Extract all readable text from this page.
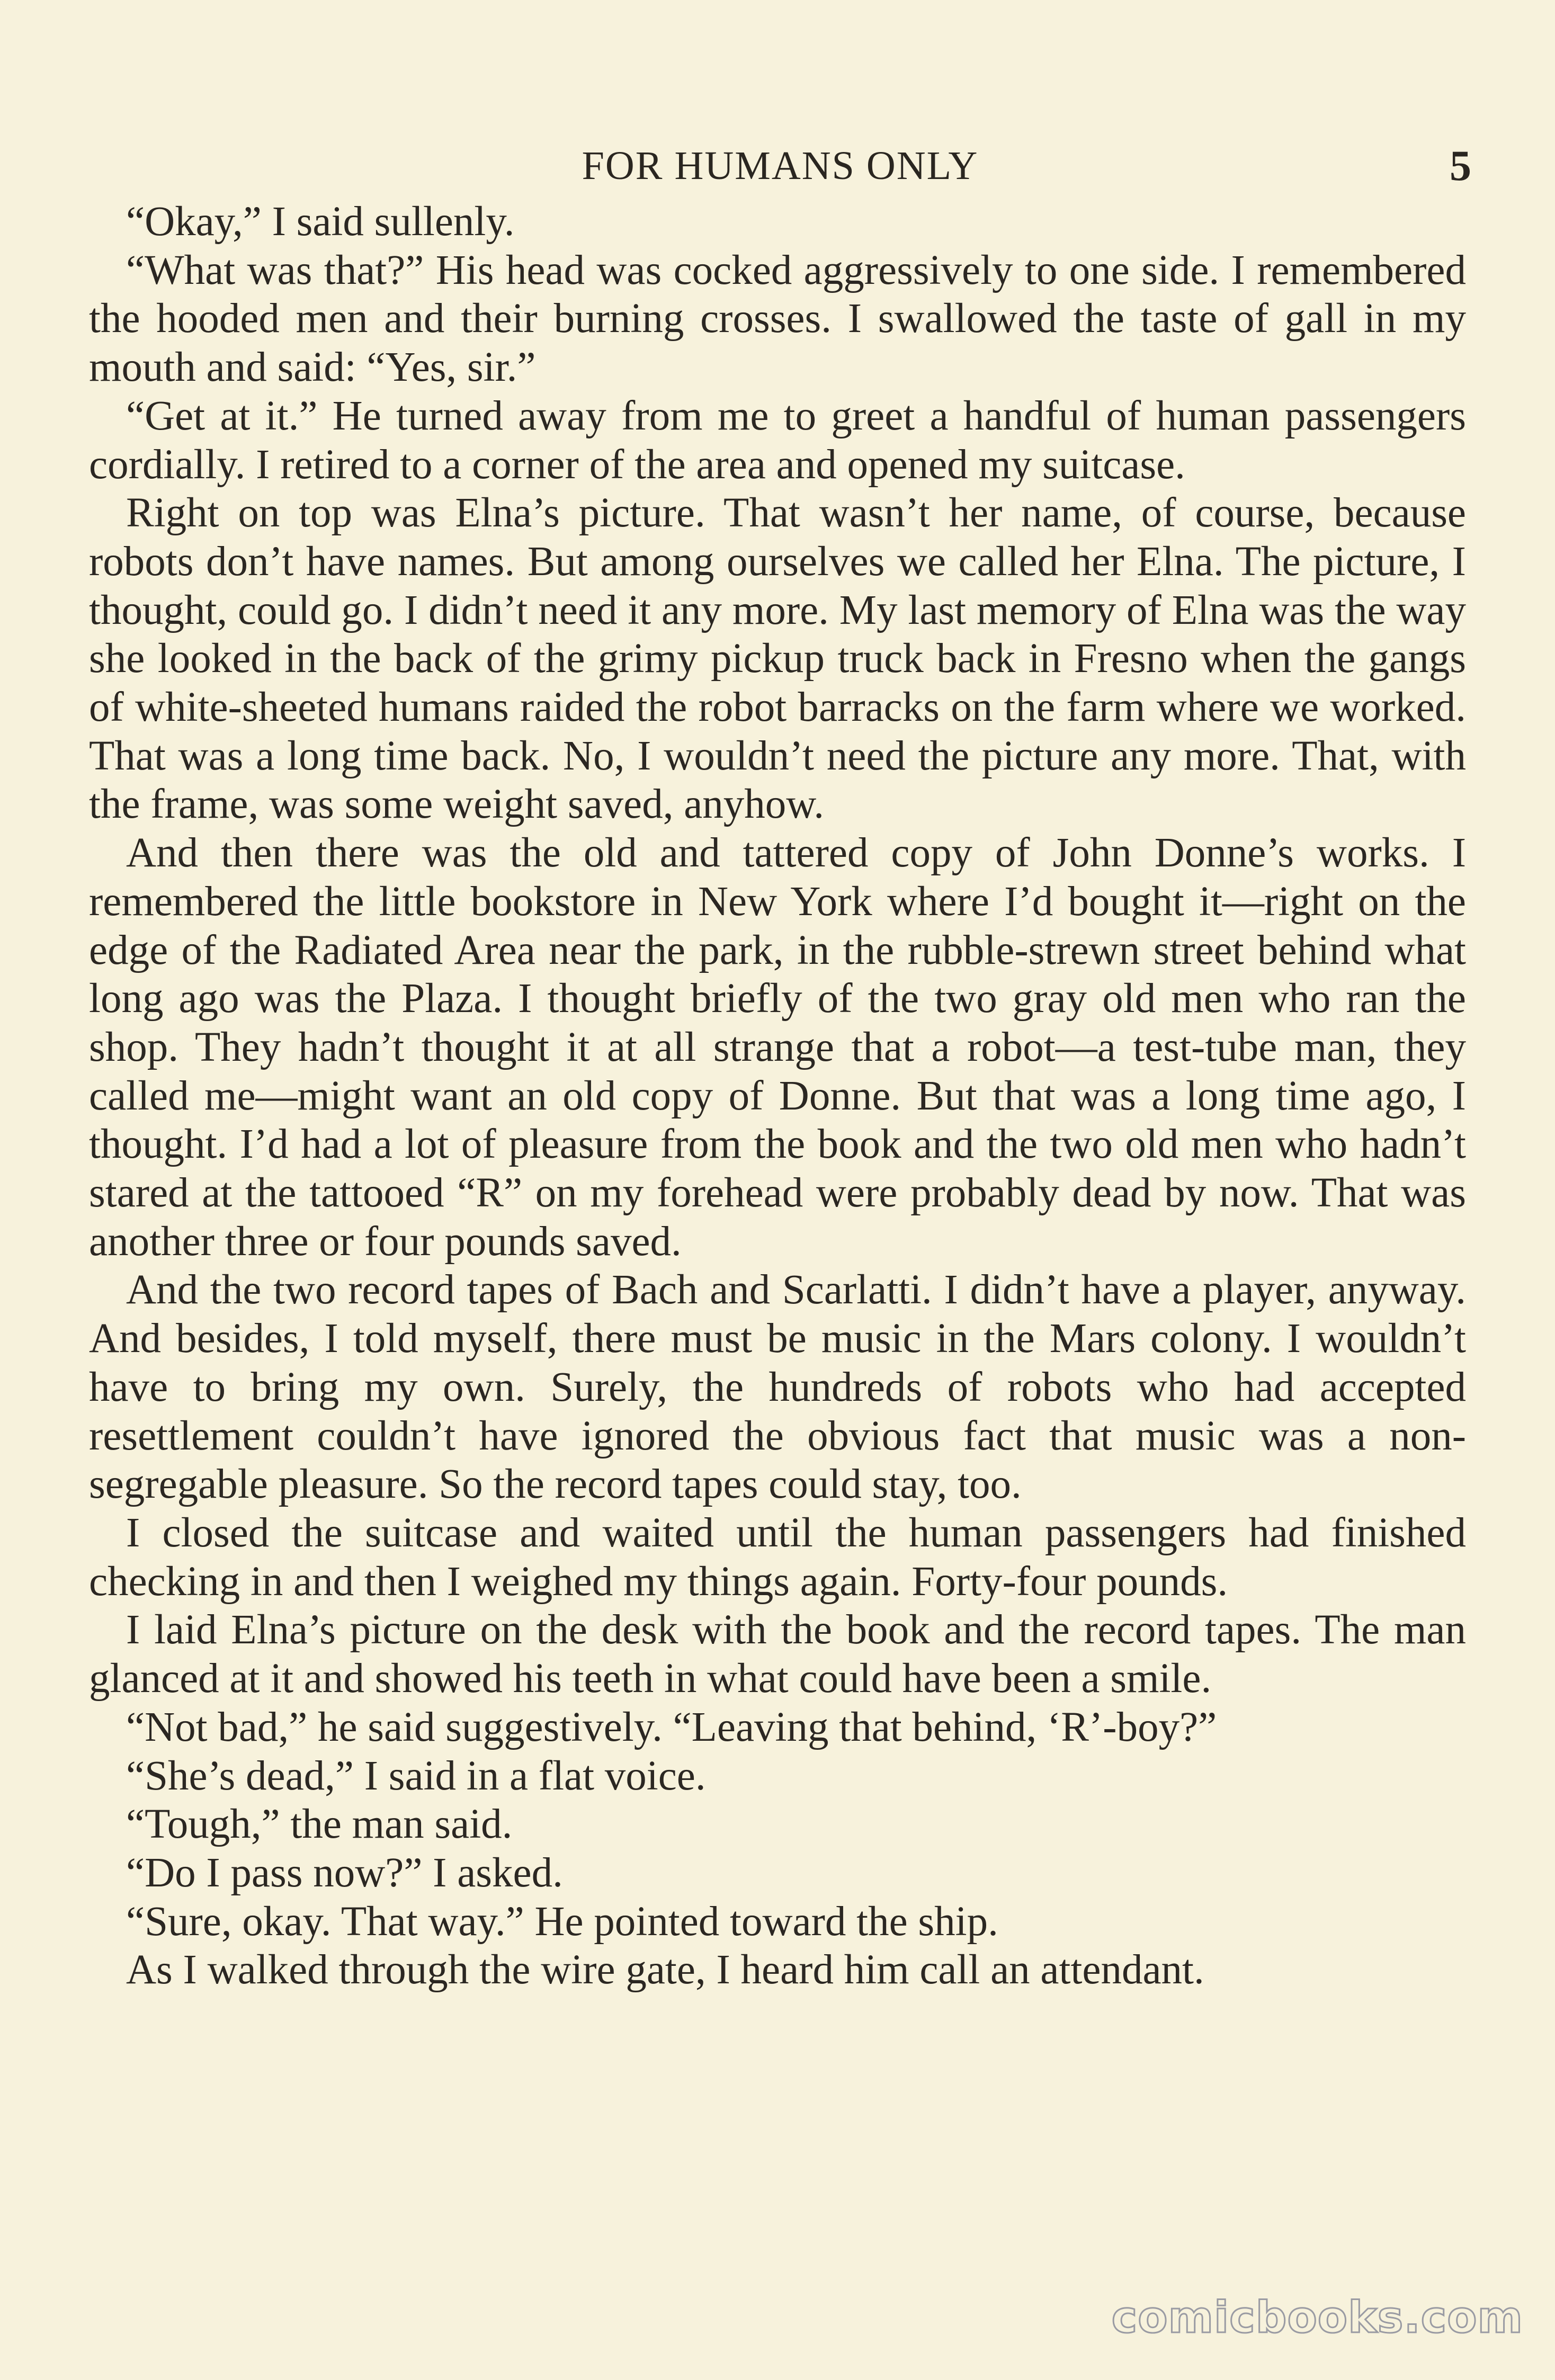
FOR HUMANS ONLY	5

“Okay,” I said sullenly.

“What was that?” His head was cocked aggressively to one side. I remembered the hooded men and their burning crosses. I swallowed the taste of gall in my mouth and said: “Yes, sir.”

“Get at it.” He turned away from me to greet a handful of human passengers cordially. I retired to a corner of the area and opened my suitcase.

Right on top was Elna’s picture. That wasn’t her name, of course, because robots don’t have names. But among ourselves we called her Elna. The picture, I thought, could go. I didn’t need it any more. My last memory of Elna was the way she looked in the back of the grimy pickup truck back in Fresno when the gangs of white-sheeted humans raided the robot barracks on the farm where we worked. That was a long time back. No, I wouldn’t need the picture any more. That, with the frame, was some weight saved, anyhow.

And then there was the old and tattered copy of John Donne’s works. I remembered the little bookstore in New York where I’d bought it—right on the edge of the Radiated Area near the park, in the rubble-strewn street behind what long ago was the Plaza. I thought briefly of the two gray old men who ran the shop. They hadn’t thought it at all strange that a robot—a test-tube man, they called me—might want an old copy of Donne. But that was a long time ago, I thought. I’d had a lot of pleasure from the book and the two old men who hadn’t stared at the tattooed “R” on my forehead were probably dead by now. That was another three or four pounds saved.

And the two record tapes of Bach and Scarlatti. I didn’t have a player, anyway. And besides, I told myself, there must be music in the Mars colony. I wouldn’t have to bring my own. Surely, the hundreds of robots who had accepted resettlement couldn’t have ignored the obvious fact that music was a non-segregable pleasure. So the record tapes could stay, too.

I closed the suitcase and waited until the human passengers had finished checking in and then I weighed my things again. Forty-four pounds.

I laid Elna’s picture on the desk with the book and the record tapes. The man glanced at it and showed his teeth in what could have been a smile.

“Not bad,” he said suggestively. “Leaving that behind, ‘R’-boy?”

“She’s dead,” I said in a flat voice.

“Tough,” the man said.

“Do I pass now?” I asked.

“Sure, okay. That way.” He pointed toward the ship.

As I walked through the wire gate, I heard him call an attendant.

comicbooks.com
